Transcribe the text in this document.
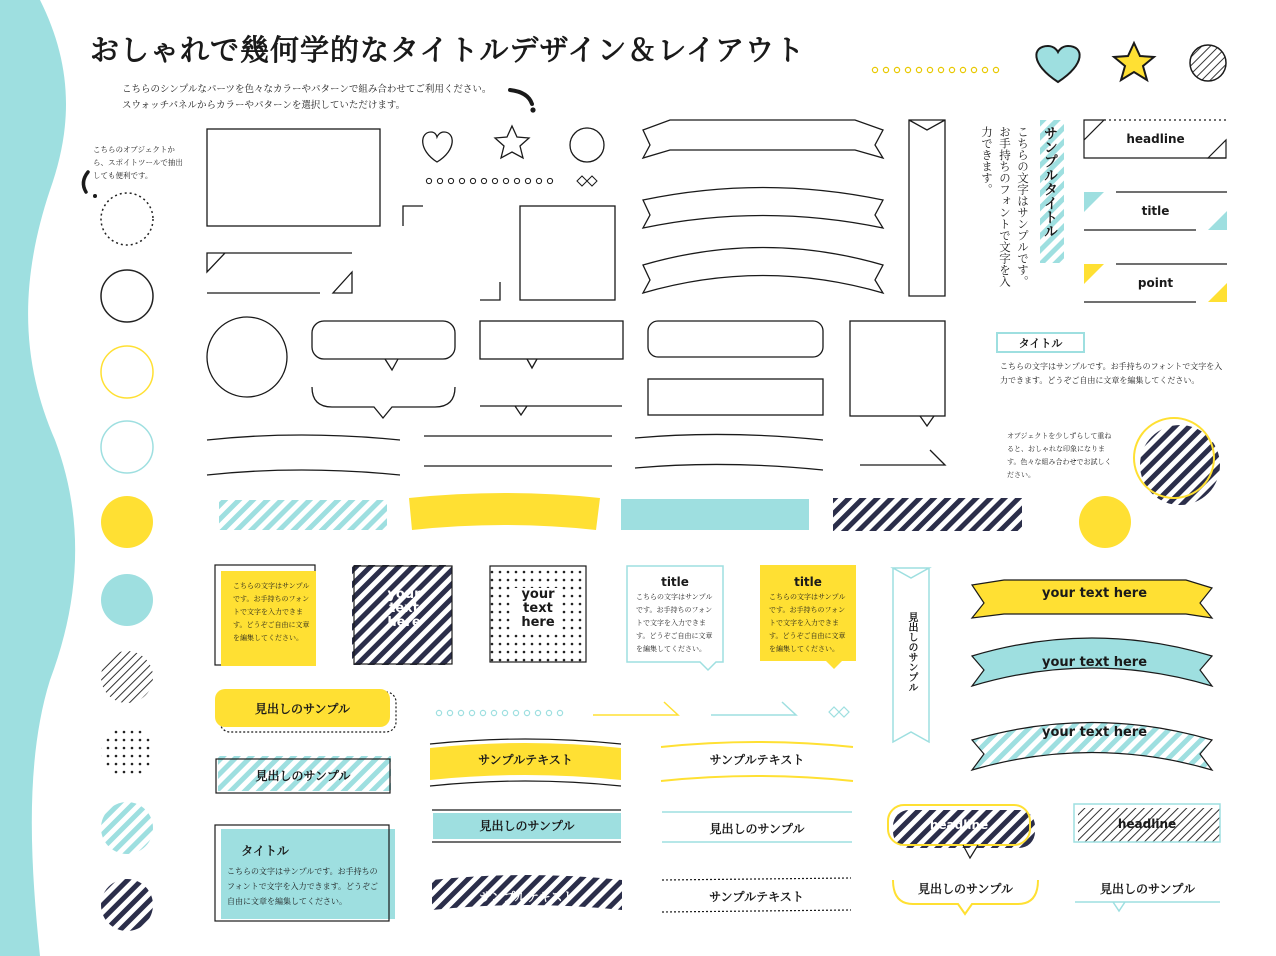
おしゃれで幾何学的なタイトルデザイン＆レイアウト
こちらのシンプルなパーツを色々なカラーやパターンで組み合わせてご利用ください。
スウォッチパネルからカラーやパターンを選択していただけます。
こちらのオブジェクトから、スポイトツールで抽出しても便利です。	サンプルタイトル
こちらの文字はサンプルです。お手持ちのフォントで文字を入力できます。	headline
title
point
タイトル
こちらの文字はサンプルです。お手持ちのフォントで文字を入力できます。どうぞご自由に文章を編集してください。
オブジェクトを少しずらして重ねると、おしゃれな印象になります。色々な組み合わせでお試しください。
こちらの文字はサンプルです。お手持ちのフォントで文字を入力できます。どうぞご自由に文章を編集してください。
your text here
your text here
title
こちらの文字はサンプルです。お手持ちのフォントで文字を入力できます。どうぞご自由に文章を編集してください。
title
こちらの文字はサンプルです。お手持ちのフォントで文字を入力できます。どうぞご自由に文章を編集してください。	見出しのサンプル
your text here
your text here
your text here
見出しのサンプル
見出しのサンプル
タイトル
こちらの文字はサンプルです。お手持ちのフォントで文字を入力できます。どうぞご自由に文章を編集してください。
サンプルテキスト	サンプルテキスト
見出しのサンプル	見出しのサンプル
サンプルテキスト	サンプルテキスト
headline	headline
見出しのサンプル	見出しのサンプル
